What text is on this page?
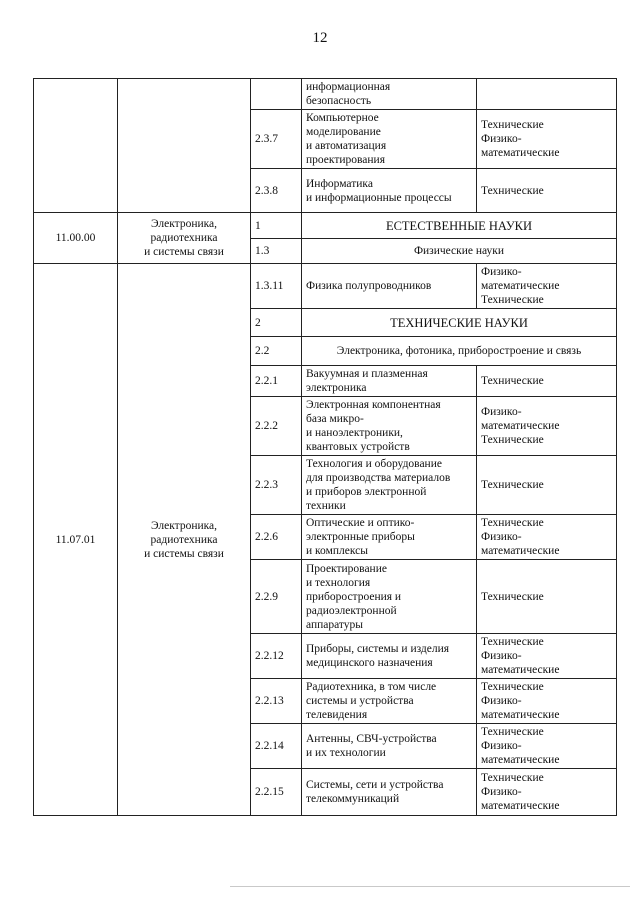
12

			информационная
безопасность	

		2.3.7	Компьютерное
моделирование
и автоматизация
проектирования	Технические
Физико-
математические

		2.3.8	Информатика
и информационные процессы	Технические

11.00.00	Электроника,
радиотехника
и системы связи	1	ЕСТЕСТВЕННЫЕ НАУКИ	
		1.3	Физические науки	
11.07.01	Электроника,
радиотехника
и системы связи	1.3.11	Физика полупроводников	Физико-
математические
Технические

		2	ТЕХНИЧЕСКИЕ НАУКИ	
		2.2	Электроника, фотоника, приборостроение и связь	
		2.2.1	Вакуумная и плазменная
электроника	Технические

		2.2.2	Электронная компонентная
база микро-
и наноэлектроники,
квантовых устройств	Физико-
математические
Технические

		2.2.3	Технология и оборудование
для производства материалов
и приборов электронной
техники	Технические

		2.2.6	Оптические и оптико-
электронные приборы
и комплексы	Технические
Физико-
математические

		2.2.9	Проектирование
и технология
приборостроения и
радиоэлектронной
аппаратуры	Технические

		2.2.12	Приборы, системы и изделия
медицинского назначения	Технические
Физико-
математические

		2.2.13	Радиотехника, в том числе
системы и устройства
телевидения	Технические
Физико-
математические

		2.2.14	Антенны, СВЧ-устройства
и их технологии	Технические
Физико-
математические

		2.2.15	Системы, сети и устройства
телекоммуникаций	Технические
Физико-
математические
